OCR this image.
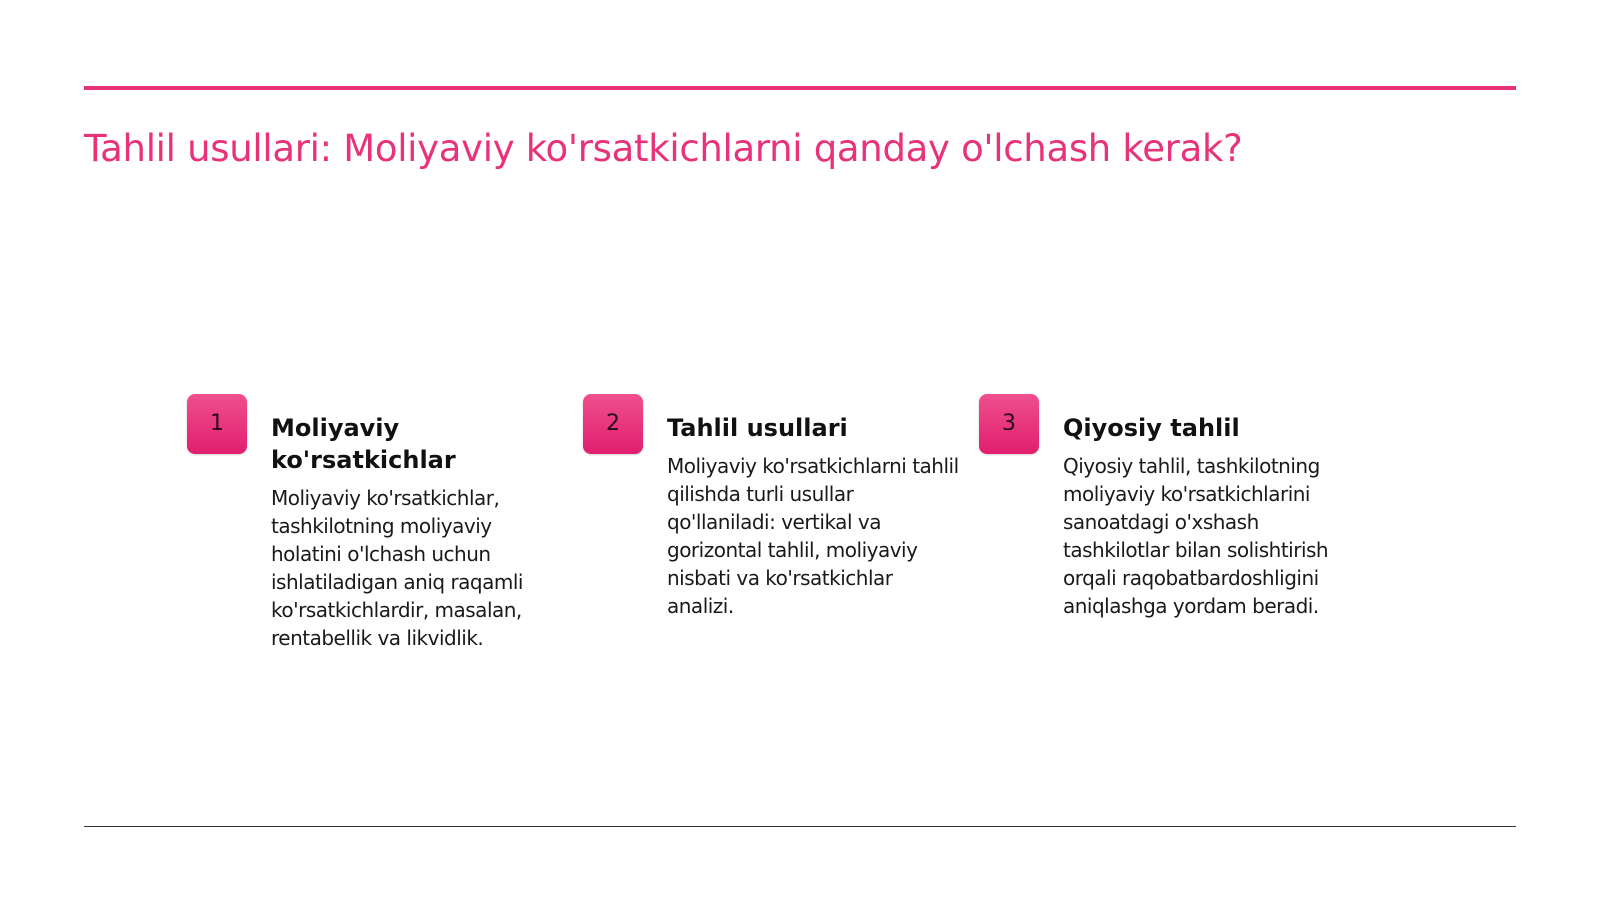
Tahlil usullari: Moliyaviy ko'rsatkichlarni qanday o'lchash kerak?
1	Moliyaviy ko'rsatkichlar

Moliyaviy ko'rsatkichlar, tashkilotning moliyaviy holatini o'lchash uchun ishlatiladigan aniq raqamli ko'rsatkichlardir, masalan, rentabellik va likvidlik.

2	Tahlil usullari

Moliyaviy ko'rsatkichlarni tahlil qilishda turli usullar qo'llaniladi: vertikal va gorizontal tahlil, moliyaviy nisbati va ko'rsatkichlar analizi.

3	Qiyosiy tahlil

Qiyosiy tahlil, tashkilotning moliyaviy ko'rsatkichlarini sanoatdagi o'xshash tashkilotlar bilan solishtirish orqali raqobatbardoshligini aniqlashga yordam beradi.
